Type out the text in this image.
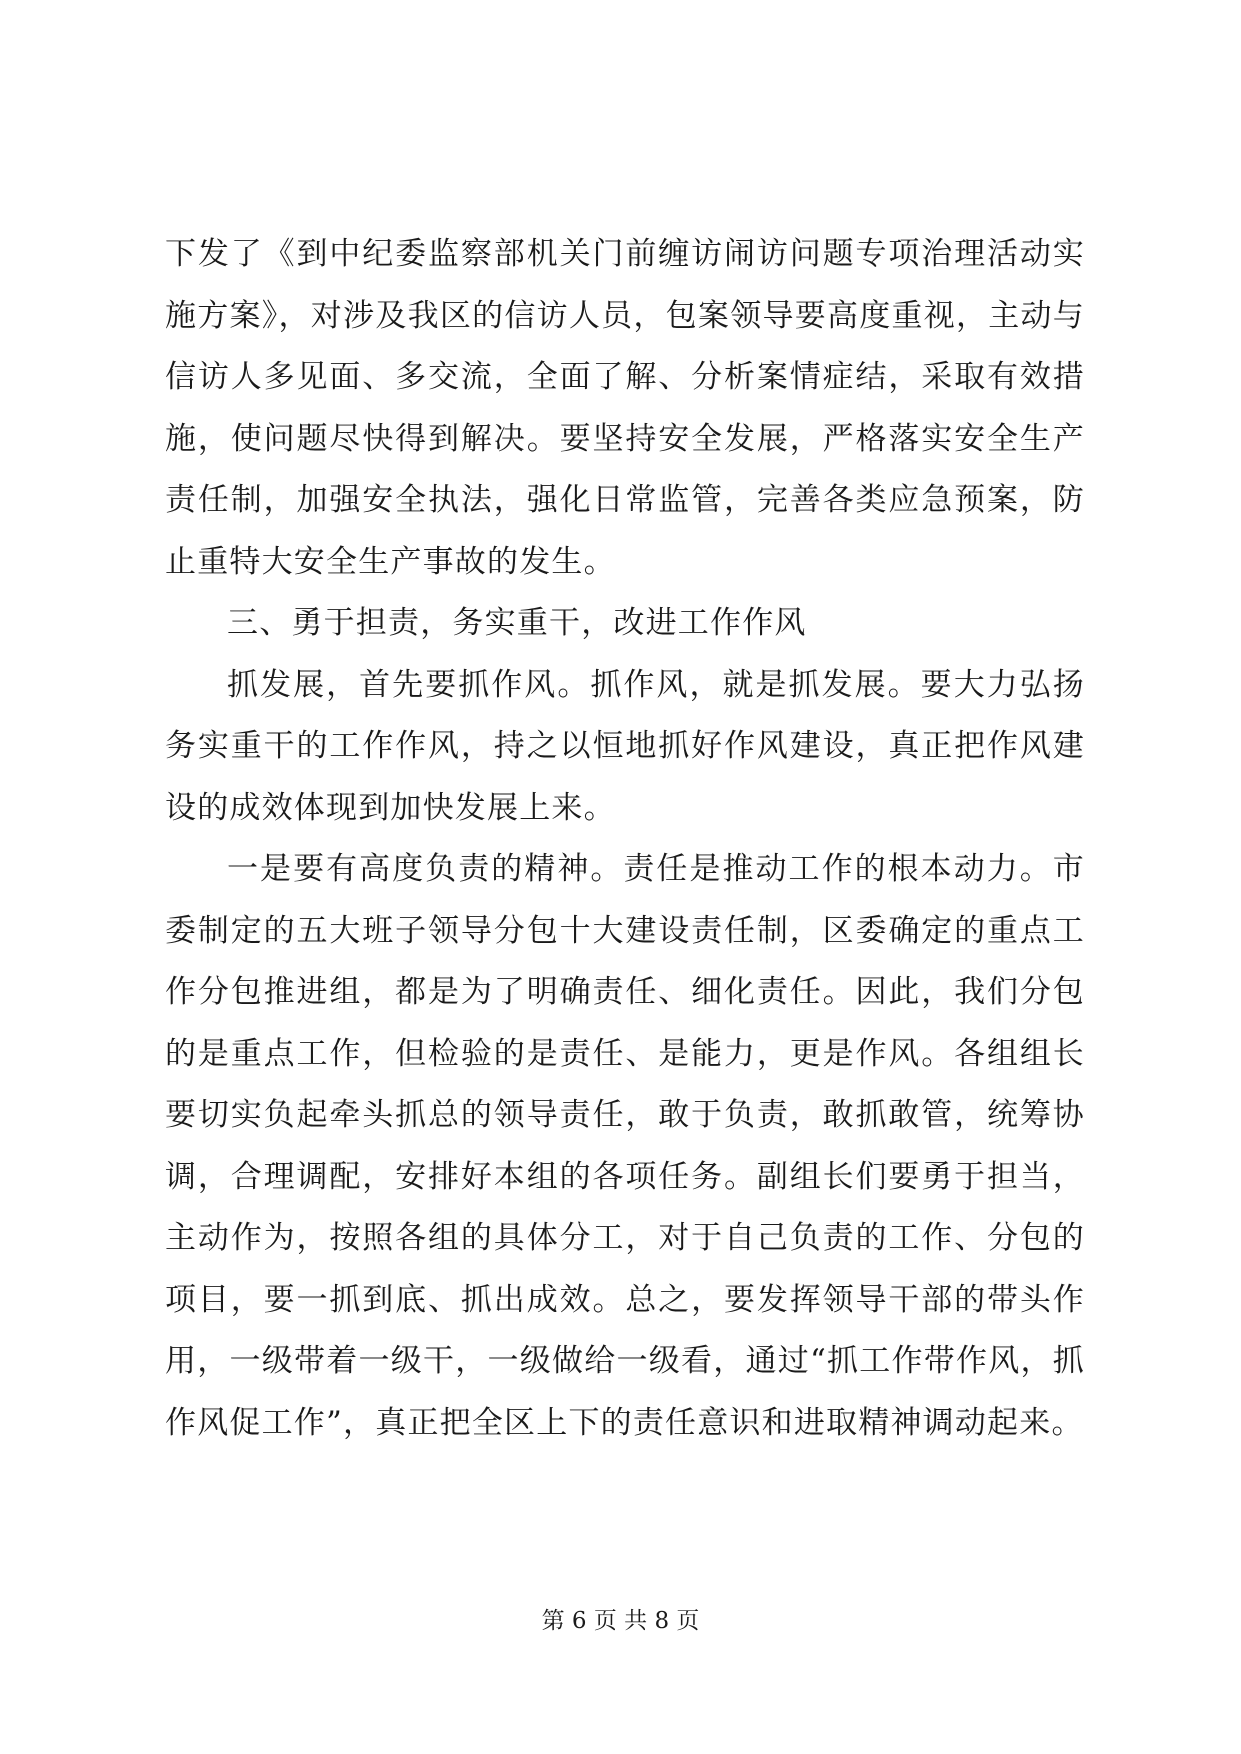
下发了《到中纪委监察部机关门前缠访闹访问题专项治理活动实施方案》，对涉及我区的信访人员，包案领导要高度重视，主动与信访人多见面、多交流，全面了解、分析案情症结，采取有效措施，使问题尽快得到解决。要坚持安全发展，严格落实安全生产责任制，加强安全执法，强化日常监管，完善各类应急预案，防止重特大安全生产事故的发生。

三、勇于担责，务实重干，改进工作作风

抓发展，首先要抓作风。抓作风，就是抓发展。要大力弘扬务实重干的工作作风，持之以恒地抓好作风建设，真正把作风建设的成效体现到加快发展上来。

一是要有高度负责的精神。责任是推动工作的根本动力。市委制定的五大班子领导分包十大建设责任制，区委确定的重点工作分包推进组，都是为了明确责任、细化责任。因此，我们分包的是重点工作，但检验的是责任、是能力，更是作风。各组组长要切实负起牵头抓总的领导责任，敢于负责，敢抓敢管，统筹协调，合理调配，安排好本组的各项任务。副组长们要勇于担当，主动作为，按照各组的具体分工，对于自己负责的工作、分包的项目，要一抓到底、抓出成效。总之，要发挥领导干部的带头作用，一级带着一级干，一级做给一级看，通过“抓工作带作风，抓作风促工作”，真正把全区上下的责任意识和进取精神调动起来。

第 6 页 共 8 页
